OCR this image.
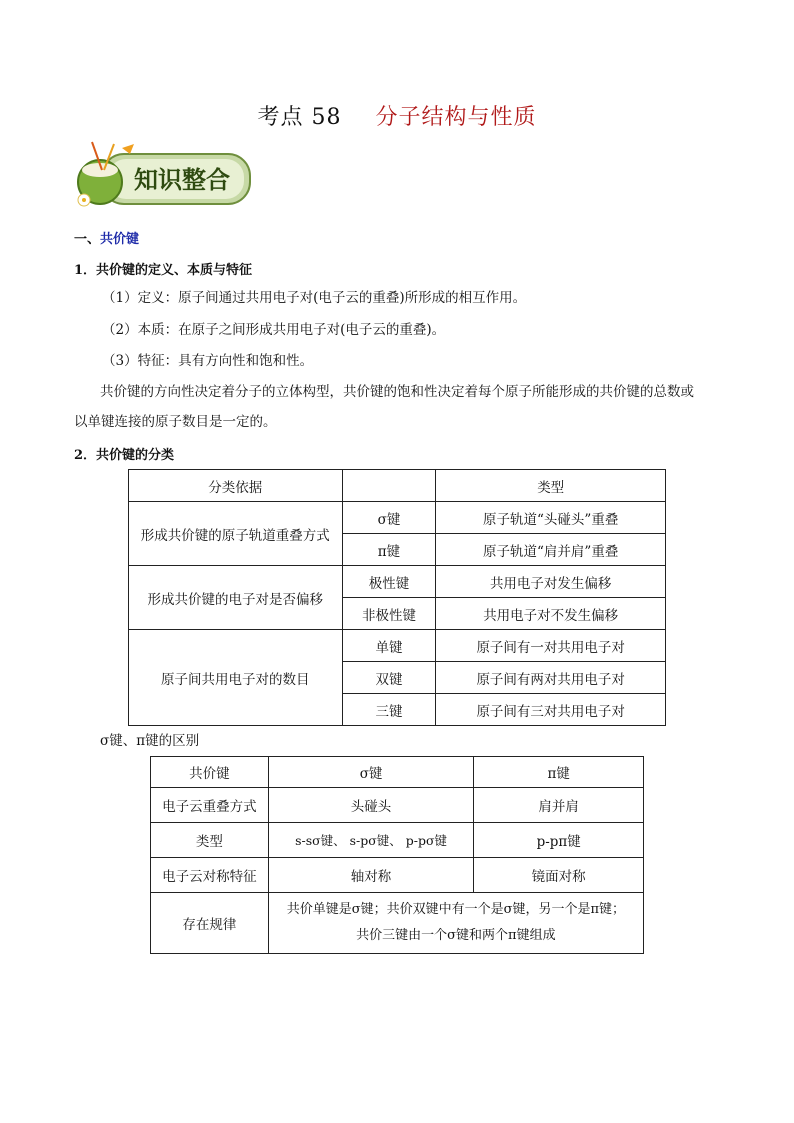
考点 58 分子结构与性质
知识整合
一、共价键
1．共价键的定义、本质与特征
（1）定义：原子间通过共用电子对(电子云的重叠)所形成的相互作用。
（2）本质：在原子之间形成共用电子对(电子云的重叠)。
（3）特征：具有方向性和饱和性。
共价键的方向性决定着分子的立体构型，共价键的饱和性决定着每个原子所能形成的共价键的总数或
以单键连接的原子数目是一定的。
2．共价键的分类
分类依据		类型
形成共价键的原子轨道重叠方式	σ键	原子轨道“头碰头”重叠
	π键	原子轨道“肩并肩”重叠
形成共价键的电子对是否偏移	极性键	共用电子对发生偏移
	非极性键	共用电子对不发生偏移
原子间共用电子对的数目	单键	原子间有一对共用电子对
	双键	原子间有两对共用电子对
	三键	原子间有三对共用电子对
σ键、π键的区别
共价键	σ键	π键
电子云重叠方式	头碰头	肩并肩
类型	s-sσ键、 s-pσ键、 p-pσ键	p-pπ键
电子云对称特征	轴对称	镜面对称
存在规律	共价单键是σ键；共价双键中有一个是σ键，另一个是π键；
共价三键由一个σ键和两个π键组成	
